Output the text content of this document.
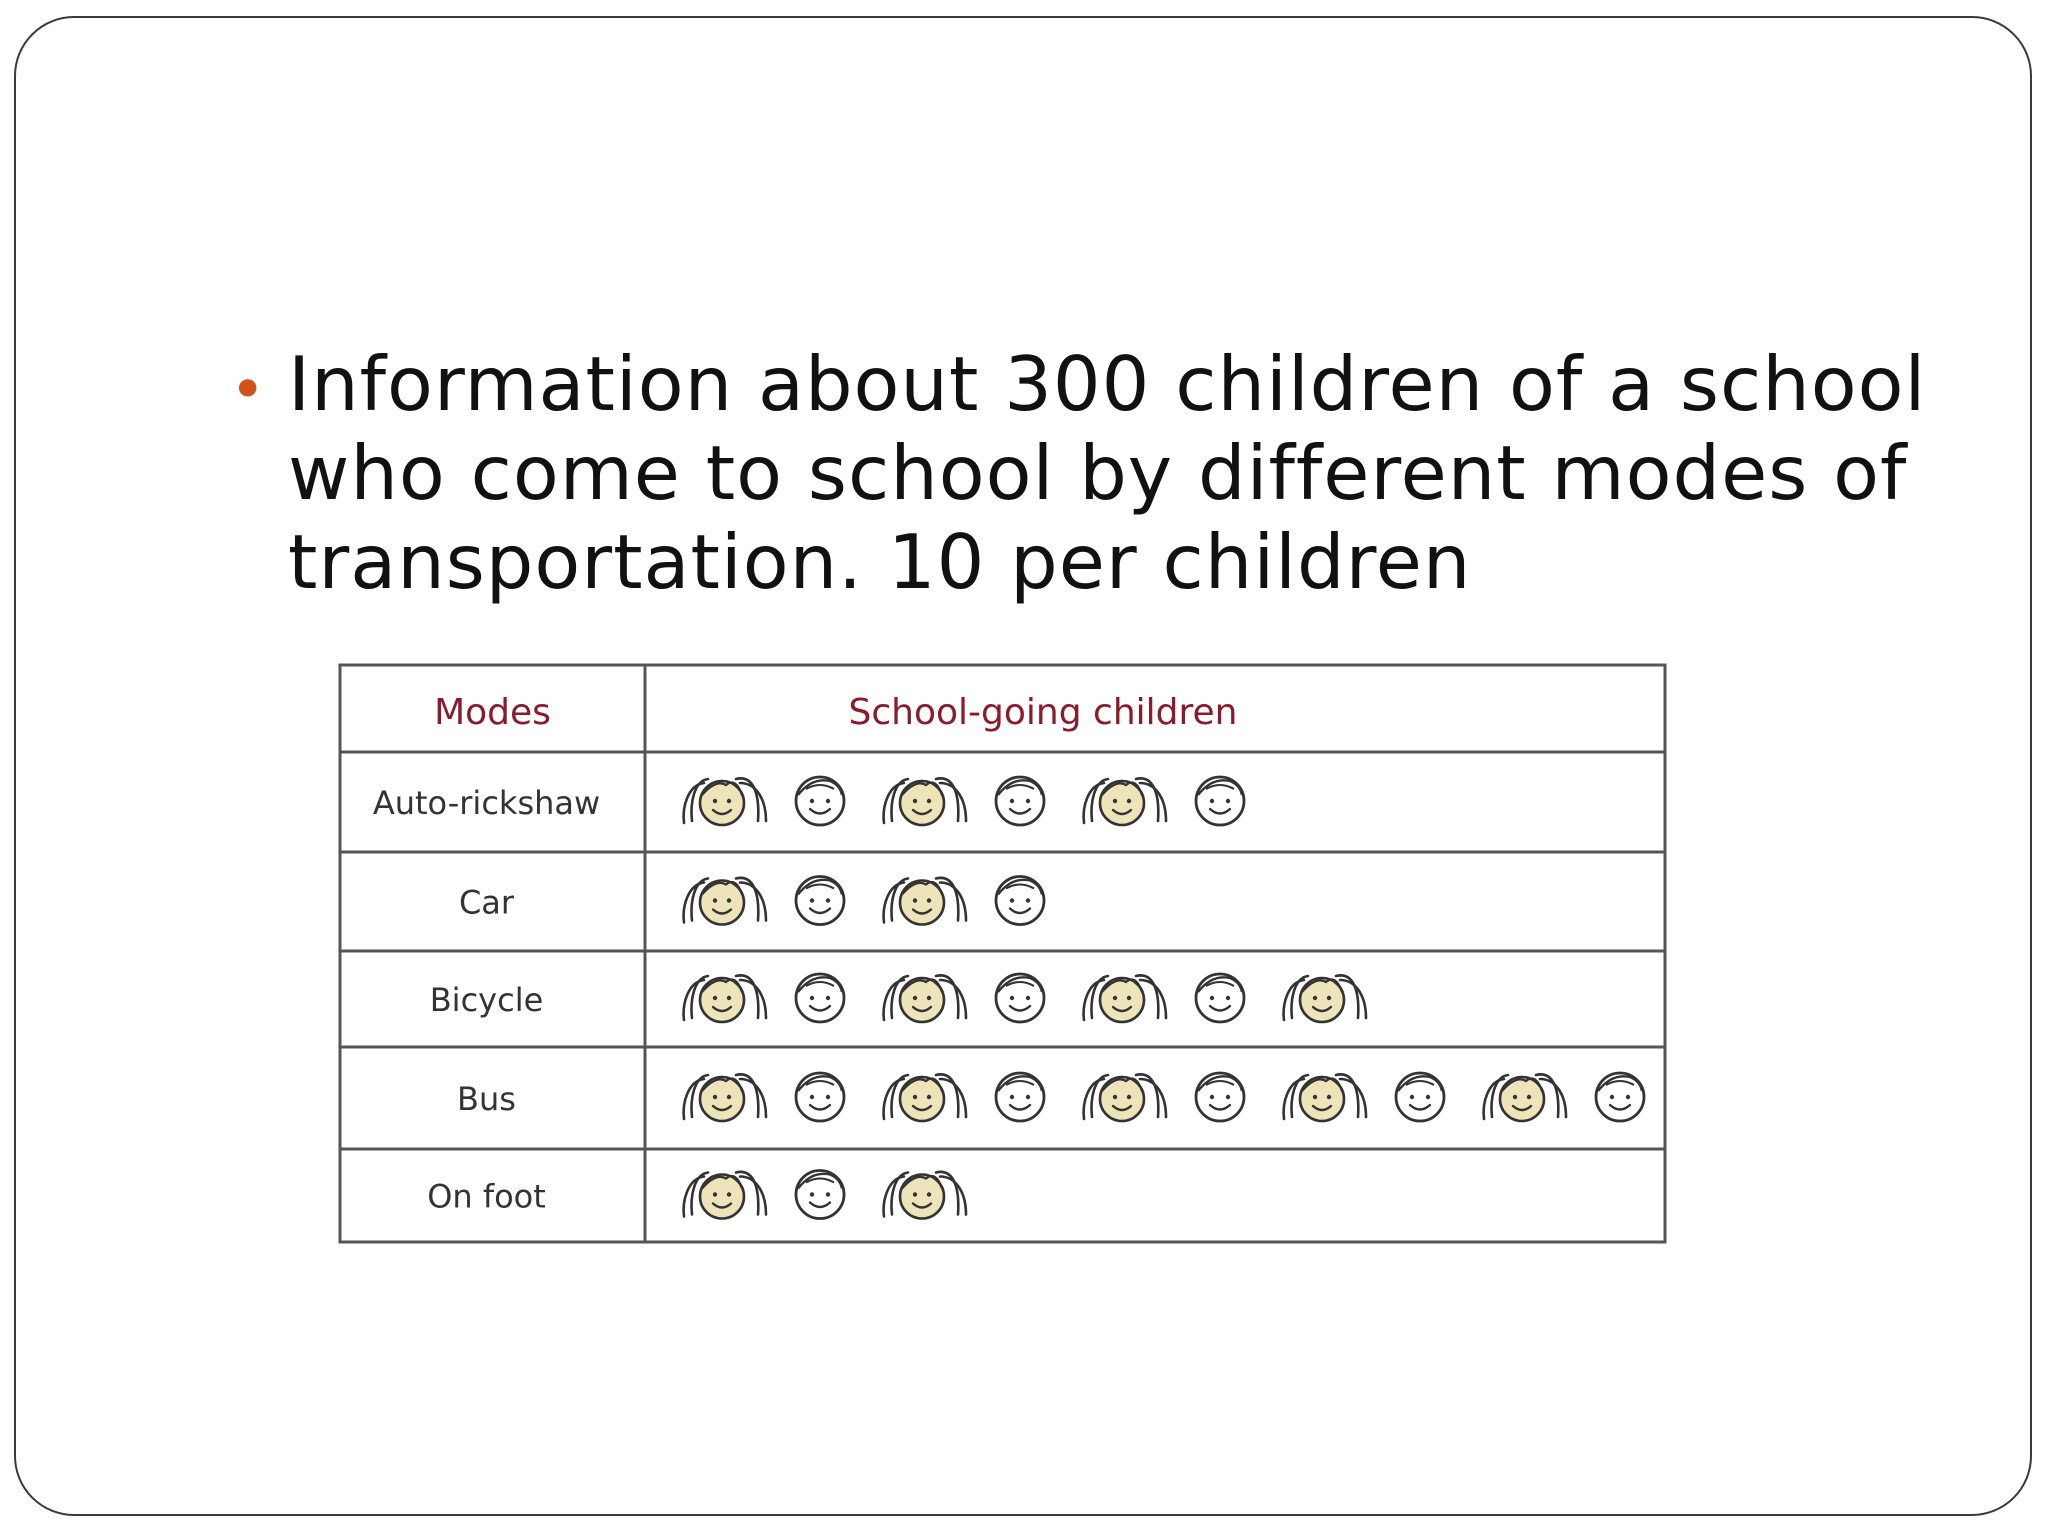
• Information about 300 children of a school who come to school by different modes of transportation. 10 per children
Modes	School-going children
Auto-rickshaw
Car
Bicycle
Bus
On foot
